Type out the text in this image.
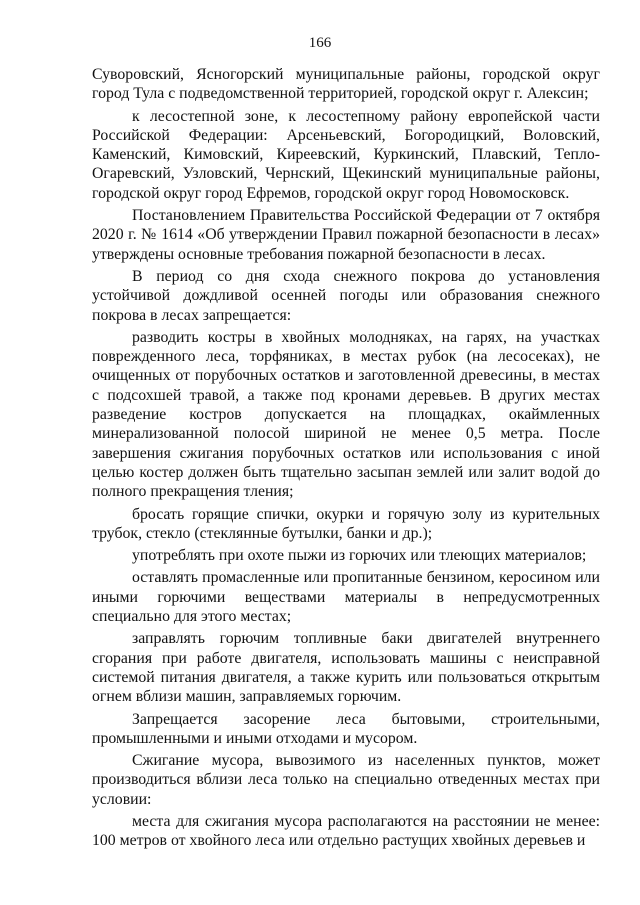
166

Суворовский, Ясногорский муниципальные районы, городской округ город Тула с подведомственной территорией, городской округ г. Алексин;

к лесостепной зоне, к лесостепному району европейской части Российской Федерации: Арсеньевский, Богородицкий, Воловский, Каменский, Кимовский, Киреевский, Куркинский, Плавский, Тепло-Огаревский, Узловский, Чернский, Щекинский муниципальные районы, городской округ город Ефремов, городской округ город Новомосковск.

Постановлением Правительства Российской Федерации от 7 октября 2020 г. № 1614 «Об утверждении Правил пожарной безопасности в лесах» утверждены основные требования пожарной безопасности в лесах.

В период со дня схода снежного покрова до установления устойчивой дождливой осенней погоды или образования снежного покрова в лесах запрещается:

разводить костры в хвойных молодняках, на гарях, на участках поврежденного леса, торфяниках, в местах рубок (на лесосеках), не очищенных от порубочных остатков и заготовленной древесины, в местах с подсохшей травой, а также под кронами деревьев. В других местах разведение костров допускается на площадках, окаймленных минерализованной полосой шириной не менее 0,5 метра. После завершения сжигания порубочных остатков или использования с иной целью костер должен быть тщательно засыпан землей или залит водой до полного прекращения тления;

бросать горящие спички, окурки и горячую золу из курительных трубок, стекло (стеклянные бутылки, банки и др.);

употреблять при охоте пыжи из горючих или тлеющих материалов;

оставлять промасленные или пропитанные бензином, керосином или иными горючими веществами материалы в непредусмотренных специально для этого местах;

заправлять горючим топливные баки двигателей внутреннего сгорания при работе двигателя, использовать машины с неисправной системой питания двигателя, а также курить или пользоваться открытым огнем вблизи машин, заправляемых горючим.

Запрещается засорение леса бытовыми, строительными, промышленными и иными отходами и мусором.

Сжигание мусора, вывозимого из населенных пунктов, может производиться вблизи леса только на специально отведенных местах при условии:

места для сжигания мусора располагаются на расстоянии не менее: 100 метров от хвойного леса или отдельно растущих хвойных деревьев и
